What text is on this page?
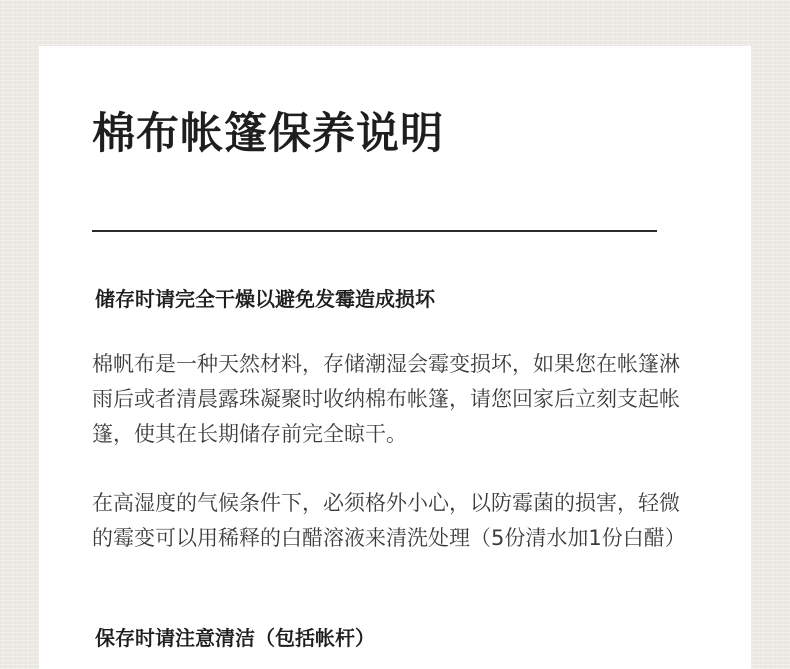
棉布帐篷保养说明
储存时请完全干燥以避免发霉造成损坏

棉帆布是一种天然材料，存储潮湿会霉变损坏，如果您在帐篷淋雨后或者清晨露珠凝聚时收纳棉布帐篷，请您回家后立刻支起帐篷，使其在长期储存前完全晾干。

在高湿度的气候条件下，必须格外小心，以防霉菌的损害，轻微的霉变可以用稀释的白醋溶液来清洗处理（5份清水加1份白醋）

保存时请注意清洁（包括帐杆）
